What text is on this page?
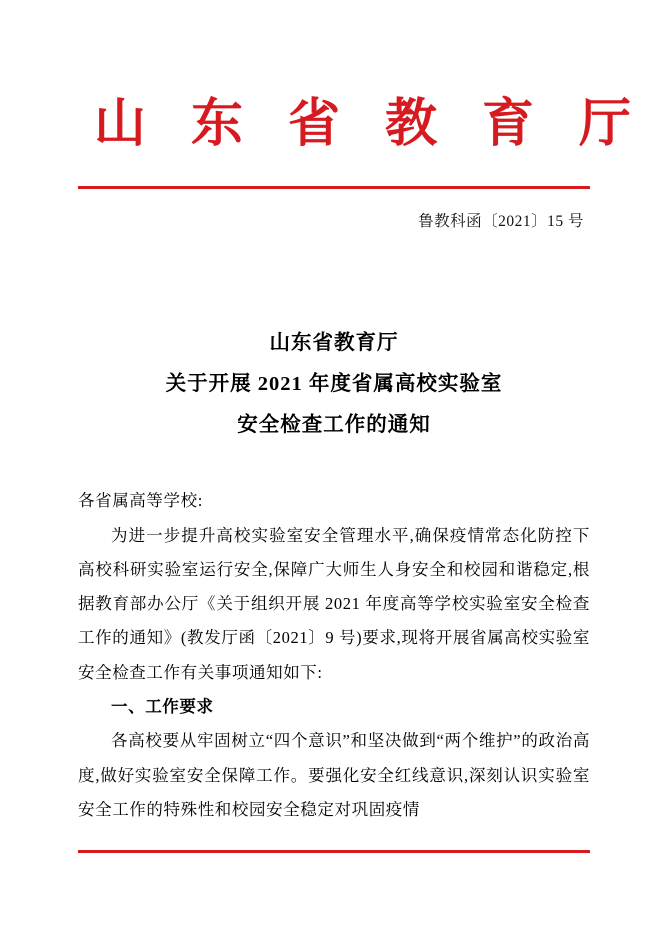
山 东 省 教 育 厅
鲁教科函〔2021〕15 号
山东省教育厅
关于开展 2021 年度省属高校实验室
安全检查工作的通知

各省属高等学校:

为进一步提升高校实验室安全管理水平,确保疫情常态化防控下高校科研实验室运行安全,保障广大师生人身安全和校园和谐稳定,根据教育部办公厅《关于组织开展 2021 年度高等学校实验室安全检查工作的通知》(教发厅函〔2021〕9 号)要求,现将开展省属高校实验室安全检查工作有关事项通知如下:

一、工作要求

各高校要从牢固树立“四个意识”和坚决做到“两个维护”的政治高度,做好实验室安全保障工作。要强化安全红线意识,深刻认识实验室安全工作的特殊性和校园安全稳定对巩固疫情
